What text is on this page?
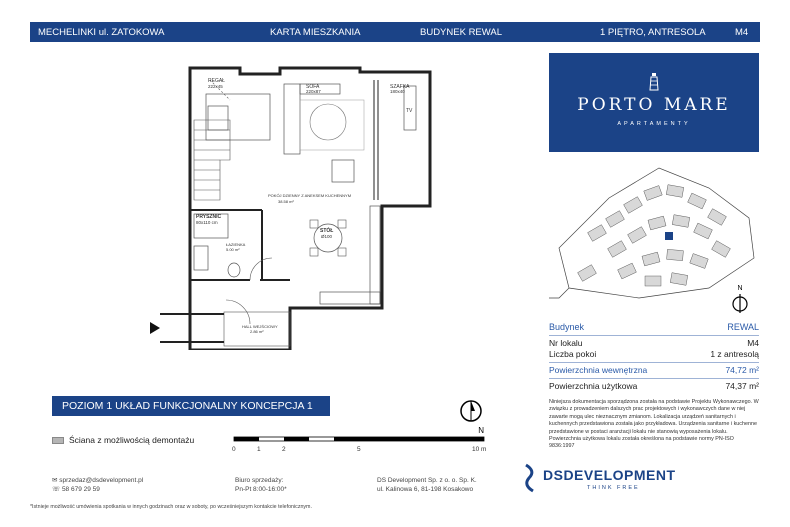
MECHELINKI ul. ZATOKOWA	KARTA MIESZKANIA	BUDYNEK REWAL	1 PIĘTRO, ANTRESOLA	M4
REGAŁ
222x45	SOFA
220x87
SZAFKA
180x40
TV
POKÓJ DZIENNY Z ANEKSEM KUCHENNYM
38.58 m²
PRYSZNIC
80x110 cm
STÓŁ
Ø100
ŁAZIENKA
5.00 m²
HALL WEJŚCIOWY
2.86 m²
PORTO MARE
APARTAMENTY
N
Budynek	REWAL
Nr lokalu	M4
Liczba pokoi	1 z antresolą
Powierzchnia wewnętrzna	74,72 m²
Powierzchnia użytkowa	74,37 m²
Niniejsza dokumentacja sporządzona została na podstawie Projektu Wykonawczego. W związku z prowadzeniem dalszych prac projektowych i wykonawczych dane w niej zawarte mogą ulec nieznacznym zmianom. Lokalizacja urządzeń sanitarnych i kuchennych przedstawiona została jako przykładowa. Urządzenia sanitarne i kuchenne przedstawione w postaci aranżacji lokalu nie stanowią wyposażenia lokalu. Powierzchnia użytkowa lokalu została określona na podstawie normy PN-ISO 9836:1997
POZIOM 1 UKŁAD FUNKCJONALNY KONCEPCJA 1
N
Ściana z możliwością demontażu
0	1	2	5	10 m
✉ sprzedaz@dsdevelopment.pl
☏ 58 679 29 59
Biuro sprzedaży:
Pn-Pt 8:00-16:00*
DS Development Sp. z o. o. Sp. K.
ul. Kalinowa 6, 81-198 Kosakowo
*Istnieje możliwość umówienia spotkania w innych godzinach oraz w soboty, po wcześniejszym kontakcie telefonicznym.
DSDEVELOPMENT
THINK FREE
